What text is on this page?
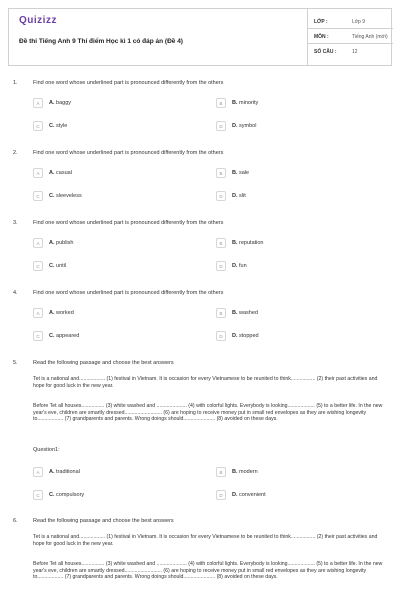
Quizizz
Đề thi Tiếng Anh 9 Thí điểm Học kì 1 có đáp án (Đề 4)
LỚP :	Lớp 9
MÔN :	Tiếng Anh (mới)
SỐ CÂU :	12
1.	Find one word whose underlined part is pronounced differently from the others
A	A. baggy	B	B. minority
C	C. style	D	D. symbol
2.	Find one word whose underlined part is pronounced differently from the others
A	A. casual	B	B. sale
C	C. sleeveless	D	D. slit
3.	Find one word whose underlined part is pronounced differently from the others
A	A. publish	B	B. reputation
C	C. until	D	D. fun
4.	Find one word whose underlined part is pronounced differently from the others
A	A. worked	B	B. washed
C	C. appeared	D	D. stopped
5.	Read the following passage and choose the best answers
Tet is a national and.................. (1) festival in Vietnam. It is occasion for every Vietnamese to be reunited to think................. (2) their past activities and hope for good luck in the new year.
Before Tet all houses................ (3) white washed and ..................... (4) with colorful lights. Everybody is looking................... (5) to a better life. In the new year's eve, children are smartly dressed.......................... (6) are hoping to receive money put in small red envelopes as they are wishing longevity to.................. (7) grandparents and parents. Wrong doings should...................... (8) avoided on these days.
Question1:
A	A. traditional	B	B. modern
C	C. compulsory	D	D. convenient
6.	Read the following passage and choose the best answers
Tet is a national and.................. (1) festival in Vietnam. It is occasion for every Vietnamese to be reunited to think................. (2) their past activities and hope for good luck in the new year.
Before Tet all houses................ (3) white washed and ..................... (4) with colorful lights. Everybody is looking................... (5) to a better life. In the new year's eve, children are smartly dressed.......................... (6) are hoping to receive money put in small red envelopes as they are wishing longevity to.................. (7) grandparents and parents. Wrong doings should...................... (8) avoided on these days.
